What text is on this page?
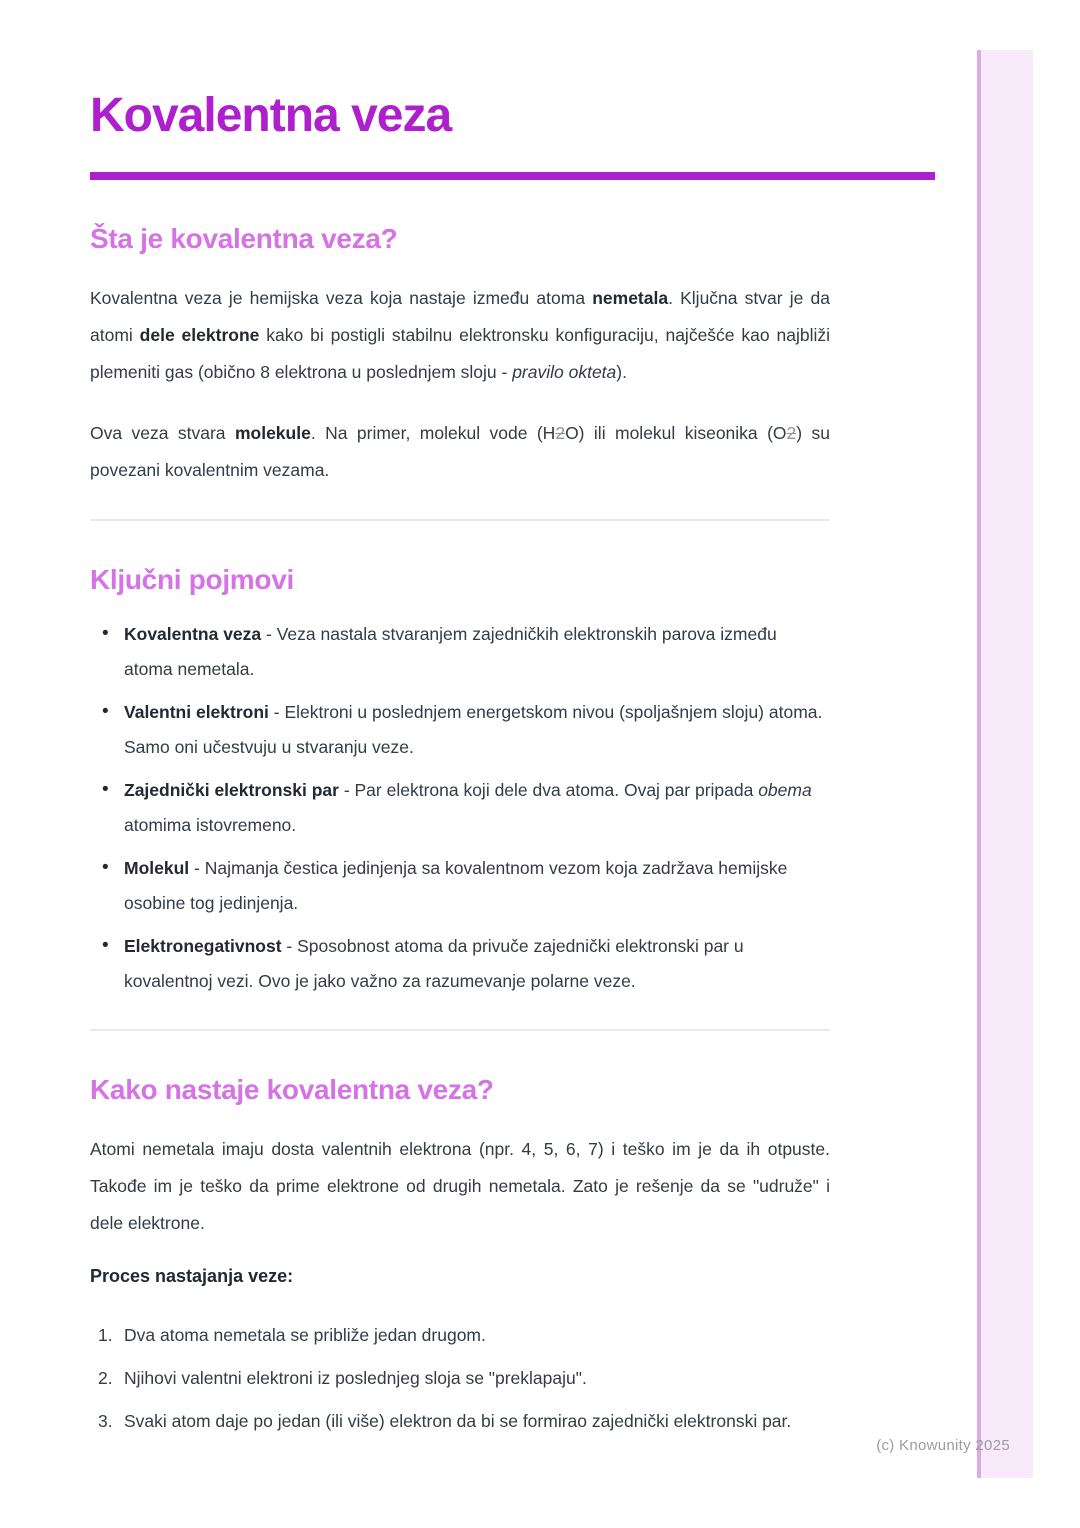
(c) Knowunity 2025
Kovalentna veza
Šta je kovalentna veza?

Kovalentna veza je hemijska veza koja nastaje između atoma nemetala. Ključna stvar je da atomi dele elektrone kako bi postigli stabilnu elektronsku konfiguraciju, najčešće kao najbliži plemeniti gas (obično 8 elektrona u poslednjem sloju - pravilo okteta).

Ova veza stvara molekule. Na primer, molekul vode (H2O) ili molekul kiseonika (O2) su povezani kovalentnim vezama.

Ključni pojmovi
• Kovalentna veza - Veza nastala stvaranjem zajedničkih elektronskih parova između atoma nemetala.
• Valentni elektroni - Elektroni u poslednjem energetskom nivou (spoljašnjem sloju) atoma. Samo oni učestvuju u stvaranju veze.
• Zajednički elektronski par - Par elektrona koji dele dva atoma. Ovaj par pripada obema atomima istovremeno.
• Molekul - Najmanja čestica jedinjenja sa kovalentnom vezom koja zadržava hemijske osobine tog jedinjenja.
• Elektronegativnost - Sposobnost atoma da privuče zajednički elektronski par u kovalentnoj vezi. Ovo je jako važno za razumevanje polarne veze.
Kako nastaje kovalentna veza?

Atomi nemetala imaju dosta valentnih elektrona (npr. 4, 5, 6, 7) i teško im je da ih otpuste. Takođe im je teško da prime elektrone od drugih nemetala. Zato je rešenje da se "udruže" i dele elektrone.

Proces nastajanja veze:

Dva atoma nemetala se približe jedan drugom.
Njihovi valentni elektroni iz poslednjeg sloja se "preklapaju".
Svaki atom daje po jedan (ili više) elektron da bi se formirao zajednički elektronski par.
